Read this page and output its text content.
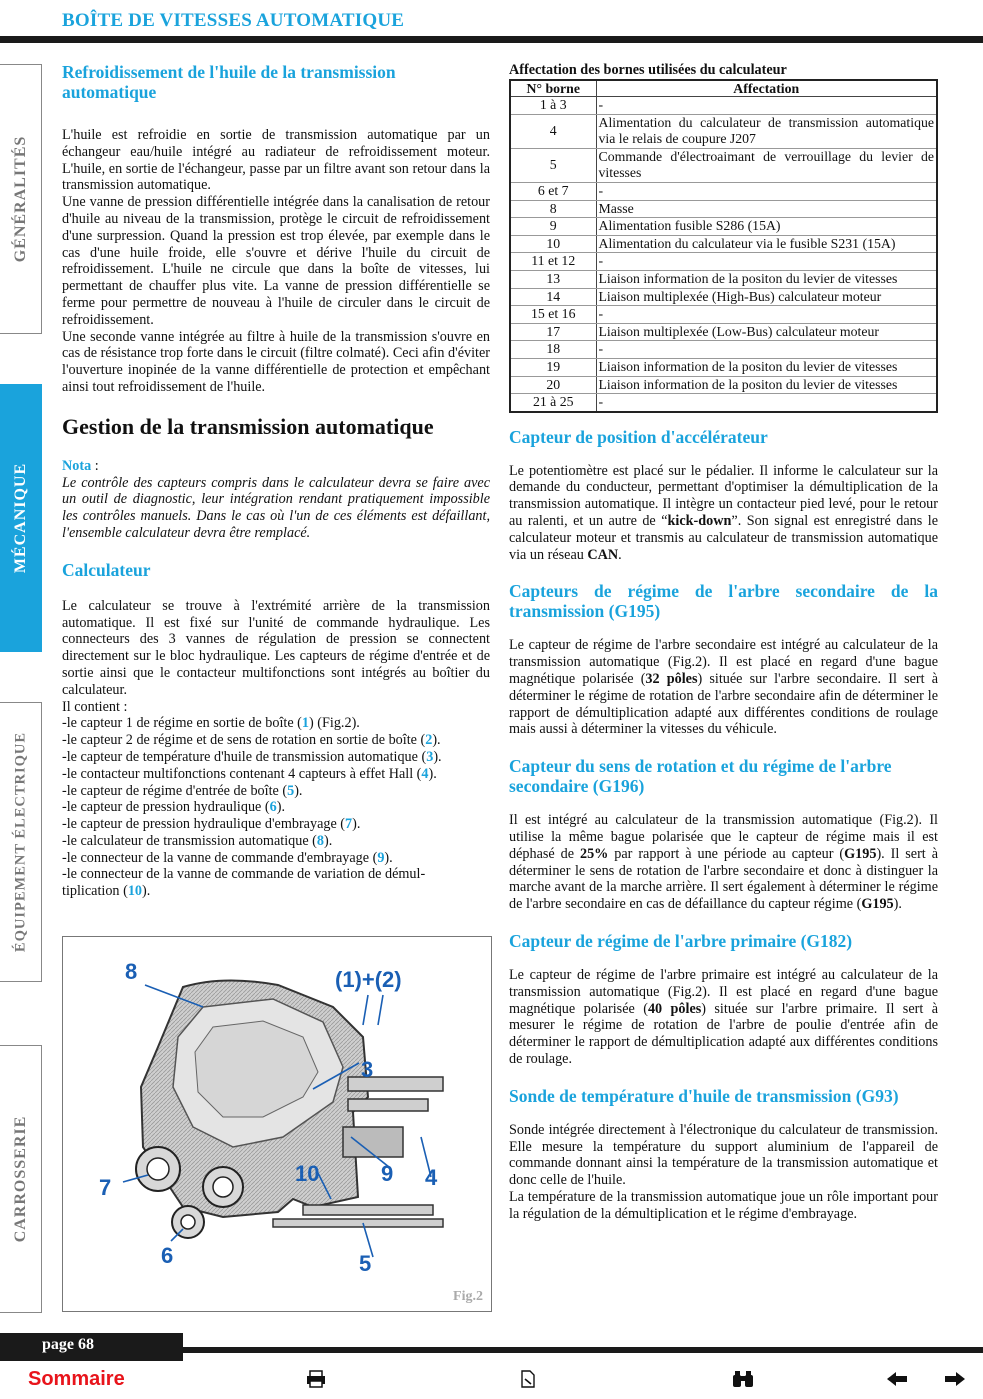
BOÎTE DE VITESSES AUTOMATIQUE
GÉNÉRALITÉS
MÉCANIQUE
ÉQUIPEMENT ÉLECTRIQUE
CARROSSERIE
Refroidissement de l'huile de la transmission automatique

L'huile est refroidie en sortie de transmission automatique par un échangeur eau/huile intégré au radiateur de refroidissement moteur. L'huile, en sortie de l'échangeur, passe par un filtre avant son retour dans la transmission automatique.

Une vanne de pression différentielle intégrée dans la canalisation de retour d'huile au niveau de la transmission, protège le circuit de refroidissement d'une surpression. Quand la pression est trop élevée, par exemple dans le cas d'une huile froide, elle s'ouvre et dérive l'huile du circuit de refroidissement. L'huile ne circule que dans la boîte de vitesses, lui permettant de chauffer plus vite. La vanne de pression différentielle se ferme pour permettre de nouveau à l'huile de circuler dans le circuit de refroidissement.

Une seconde vanne intégrée au filtre à huile de la transmission s'ouvre en cas de résistance trop forte dans le circuit (filtre colmaté). Ceci afin d'éviter l'ouverture inopinée de la vanne différentielle de protection et empêchant ainsi tout refroidissement de l'huile.

Gestion de la transmission automatique

Nota :

Le contrôle des capteurs compris dans le calculateur devra se faire avec un outil de diagnostic, leur intégration rendant pratiquement impossible les contrôles manuels. Dans le cas où l'un de ces éléments est défaillant, l'ensemble calculateur devra être remplacé.

Calculateur

Le calculateur se trouve à l'extrémité arrière de la transmission automatique. Il est fixé sur l'unité de commande hydraulique. Les connecteurs des 3 vannes de régulation de pression se connectent directement sur le bloc hydraulique. Les capteurs de régime d'entrée et de sortie ainsi que le contacteur multifonctions sont intégrés au boîtier du calculateur.

Il contient :

-le capteur 1 de régime en sortie de boîte (1) (Fig.2).
-le capteur 2 de régime et de sens de rotation en sortie de boîte (2).
-le capteur de température d'huile de transmission automatique (3).
-le contacteur multifonctions contenant 4 capteurs à effet Hall (4).
-le capteur de régime d'entrée de boîte (5).
-le capteur de pression hydraulique (6).
-le capteur de pression hydraulique d'embrayage (7).
-le calculateur de transmission automatique (8).
-le connecteur de la vanne de commande d'embrayage (9).
-le connecteur de la vanne de commande de variation de démul-
tiplication (10).
8	(1)+(2)
3
7
10	9 4
6	5
Fig.2
Affectation des bornes utilisées du calculateur
N° borne	Affectation
1 à 3	-
4	Alimentation du calculateur de transmission automatique via le relais de coupure J207
5	Commande d'électroaimant de verrouillage du levier de vitesses
6 et 7	-
8	Masse
9	Alimentation fusible S286 (15A)
10	Alimentation du calculateur via le fusible S231 (15A)
11 et 12	-
13	Liaison information de la positon du levier de vitesses
14	Liaison multiplexée (High-Bus) calculateur moteur
15 et 16	-
17	Liaison multiplexée (Low-Bus) calculateur moteur
18	-
19	Liaison information de la positon du levier de vitesses
20	Liaison information de la positon du levier de vitesses
21 à 25	-
Capteur de position d'accélérateur

Le potentiomètre est placé sur le pédalier. Il informe le calculateur sur la demande du conducteur, permettant d'optimiser la démultiplication de la transmission automatique. Il intègre un contacteur pied levé, pour le retour au ralenti, et un autre de “kick-down”. Son signal est enregistré dans le calculateur moteur et transmis au calculateur de transmission automatique via un réseau CAN.

Capteurs de régime de l'arbre secondaire de la transmission (G195)

Le capteur de régime de l'arbre secondaire est intégré au calculateur de la transmission automatique (Fig.2). Il est placé en regard d'une bague magnétique polarisée (32 pôles) située sur l'arbre secondaire. Il sert à déterminer le régime de rotation de l'arbre secondaire afin de déterminer le rapport de démultiplication adapté aux différentes conditions de roulage mais aussi à déterminer la vitesses du véhicule.

Capteur du sens de rotation et du régime de l'arbre secondaire (G196)

Il est intégré au calculateur de la transmission automatique (Fig.2). Il utilise la même bague polarisée que le capteur de régime mais il est déphasé de 25% par rapport à une période au capteur (G195). Il sert à déterminer le sens de rotation de l'arbre secondaire et donc à distinguer la marche avant de la marche arrière. Il sert également à déterminer le régime de l'arbre secondaire en cas de défaillance du capteur régime (G195).

Capteur de régime de l'arbre primaire (G182)

Le capteur de régime de l'arbre primaire est intégré au calculateur de la transmission automatique (Fig.2). Il est placé en regard d'une bague magnétique polarisée (40 pôles) située sur l'arbre primaire. Il sert à mesurer le régime de rotation de l'arbre de poulie d'entrée afin de déterminer le rapport de démultiplication adapté aux différentes conditions de roulage.

Sonde de température d'huile de transmission (G93)

Sonde intégrée directement à l'électronique du calculateur de transmission. Elle mesure la température du support aluminium de l'appareil de commande donnant ainsi la température de la transmission automatique et donc celle de l'huile.

La température de la transmission automatique joue un rôle important pour la régulation de la démultiplication et le régime d'embrayage.

page 68
Sommaire
